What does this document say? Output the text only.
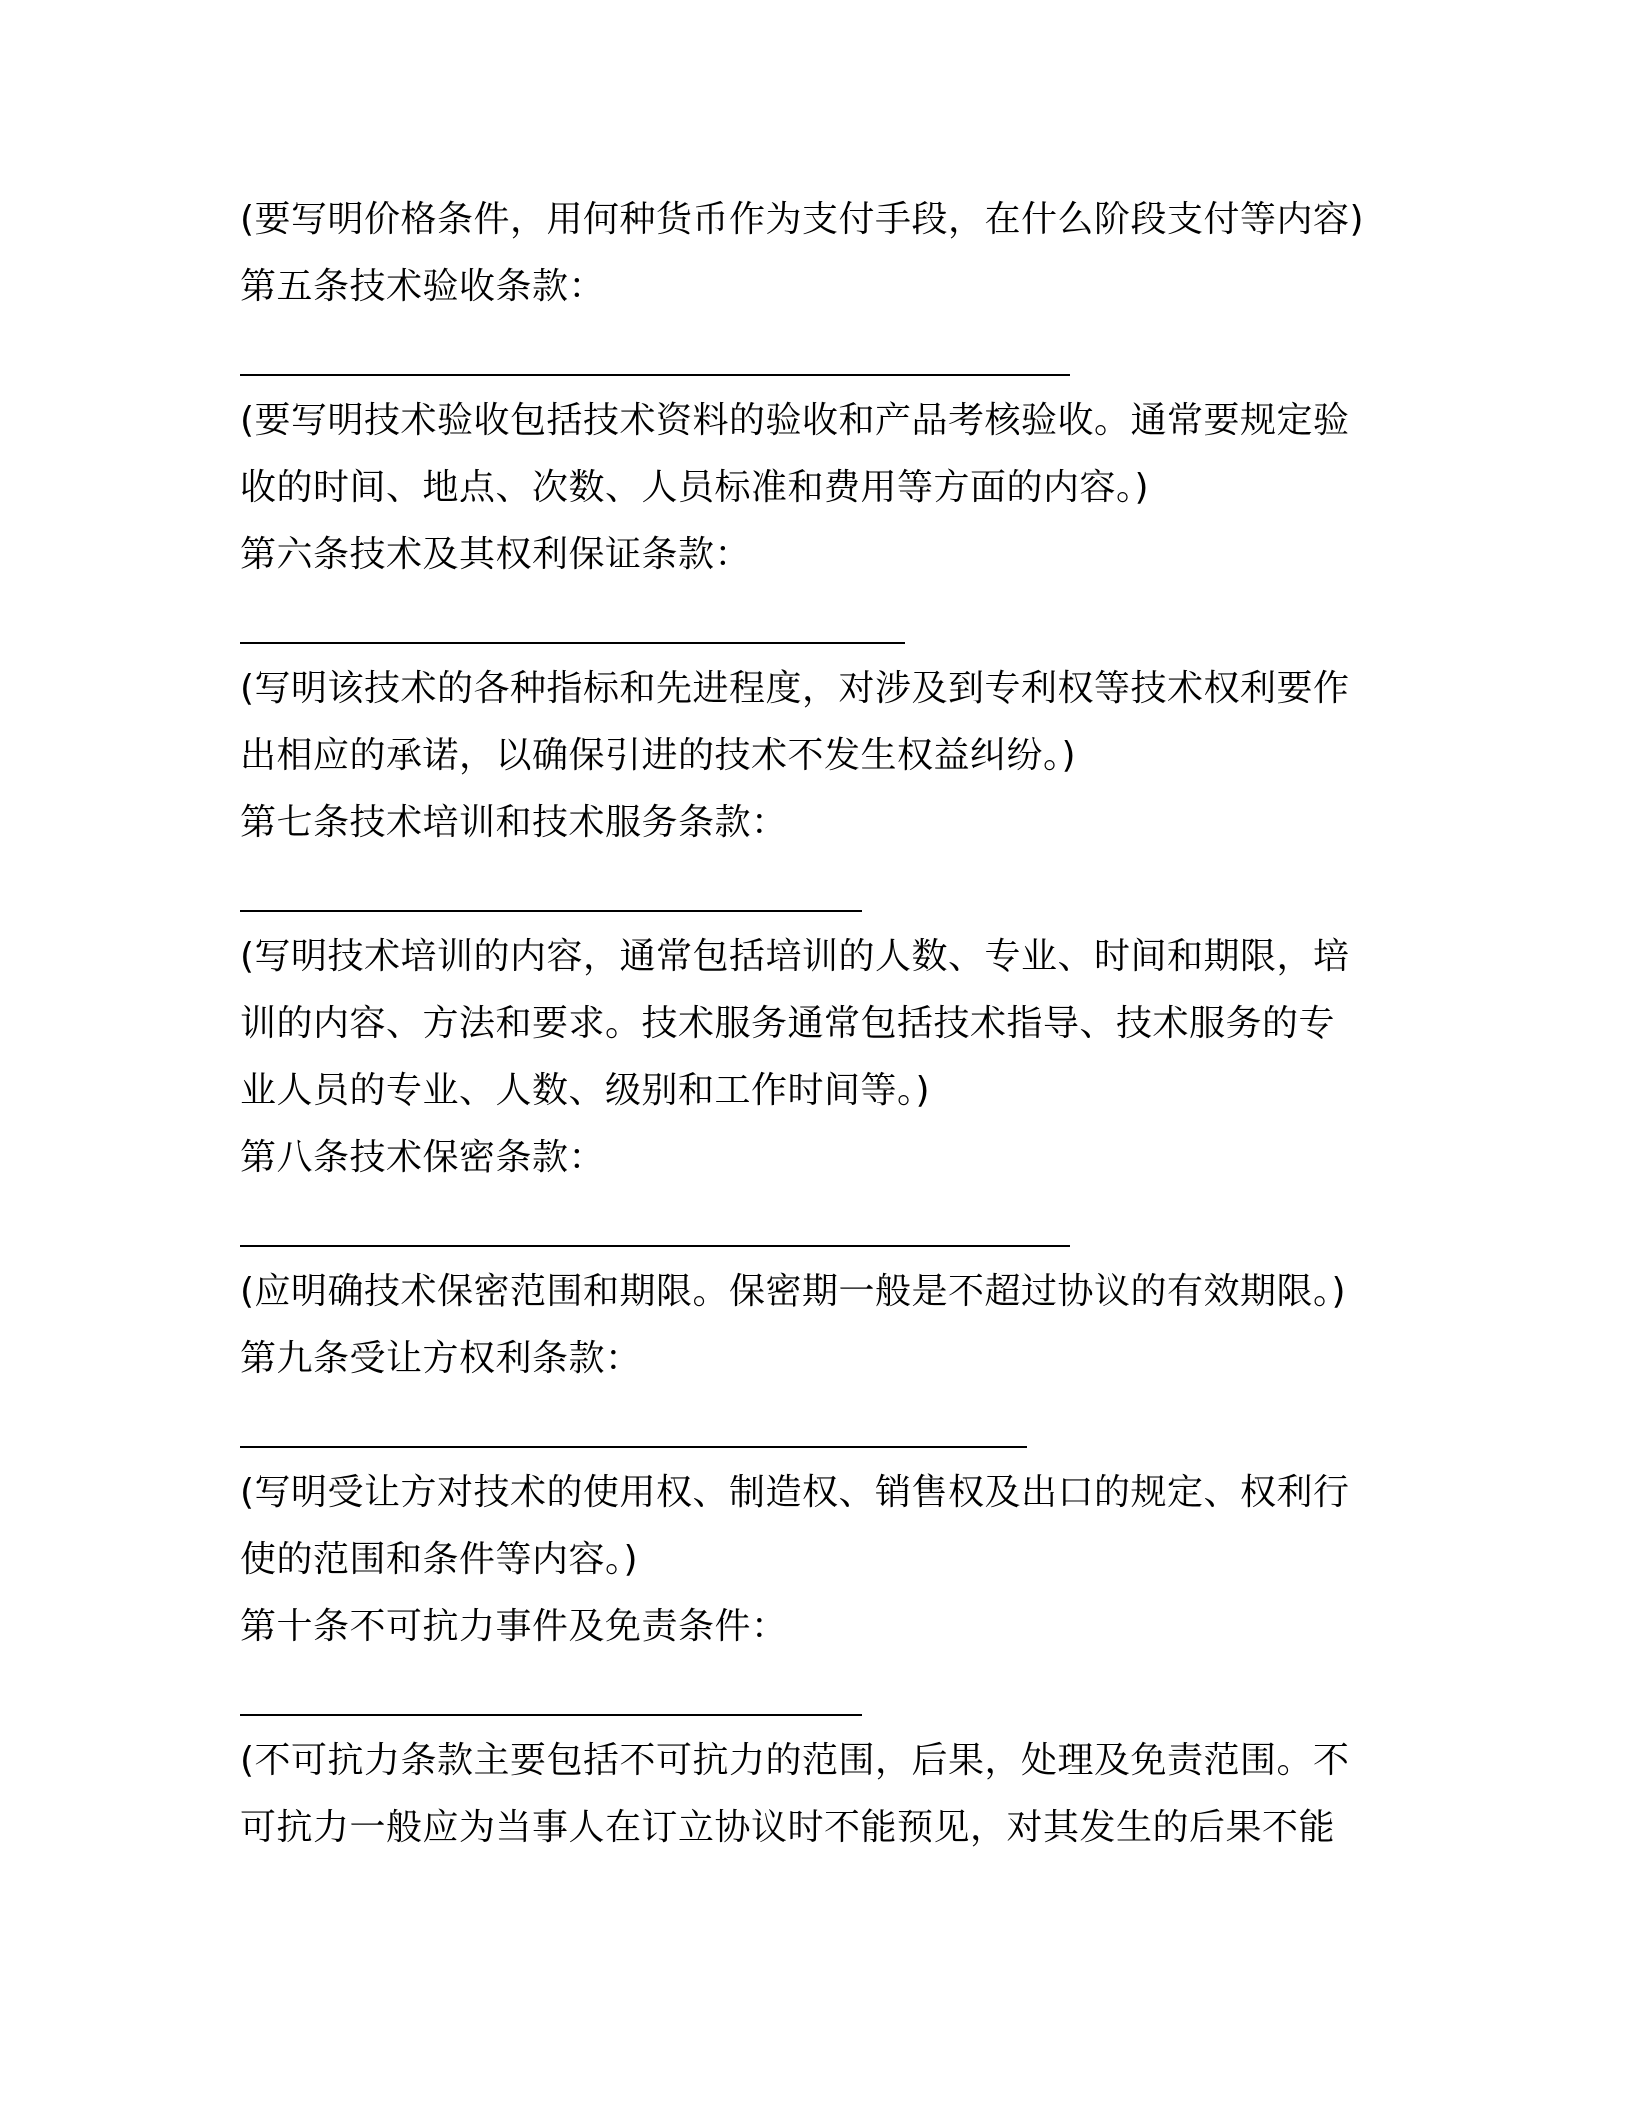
(要写明价格条件，用何种货币作为支付手段，在什么阶段支付等内容)
第五条技术验收条款：
(要写明技术验收包括技术资料的验收和产品考核验收。通常要规定验
收的时间、地点、次数、人员标准和费用等方面的内容。)
第六条技术及其权利保证条款：
(写明该技术的各种指标和先进程度，对涉及到专利权等技术权利要作
出相应的承诺，以确保引进的技术不发生权益纠纷。)
第七条技术培训和技术服务条款：
(写明技术培训的内容，通常包括培训的人数、专业、时间和期限，培
训的内容、方法和要求。技术服务通常包括技术指导、技术服务的专
业人员的专业、人数、级别和工作时间等。)
第八条技术保密条款：
(应明确技术保密范围和期限。保密期一般是不超过协议的有效期限。)
第九条受让方权利条款：
(写明受让方对技术的使用权、制造权、销售权及出口的规定、权利行
使的范围和条件等内容。)
第十条不可抗力事件及免责条件：
(不可抗力条款主要包括不可抗力的范围，后果，处理及免责范围。不
可抗力一般应为当事人在订立协议时不能预见，对其发生的后果不能
